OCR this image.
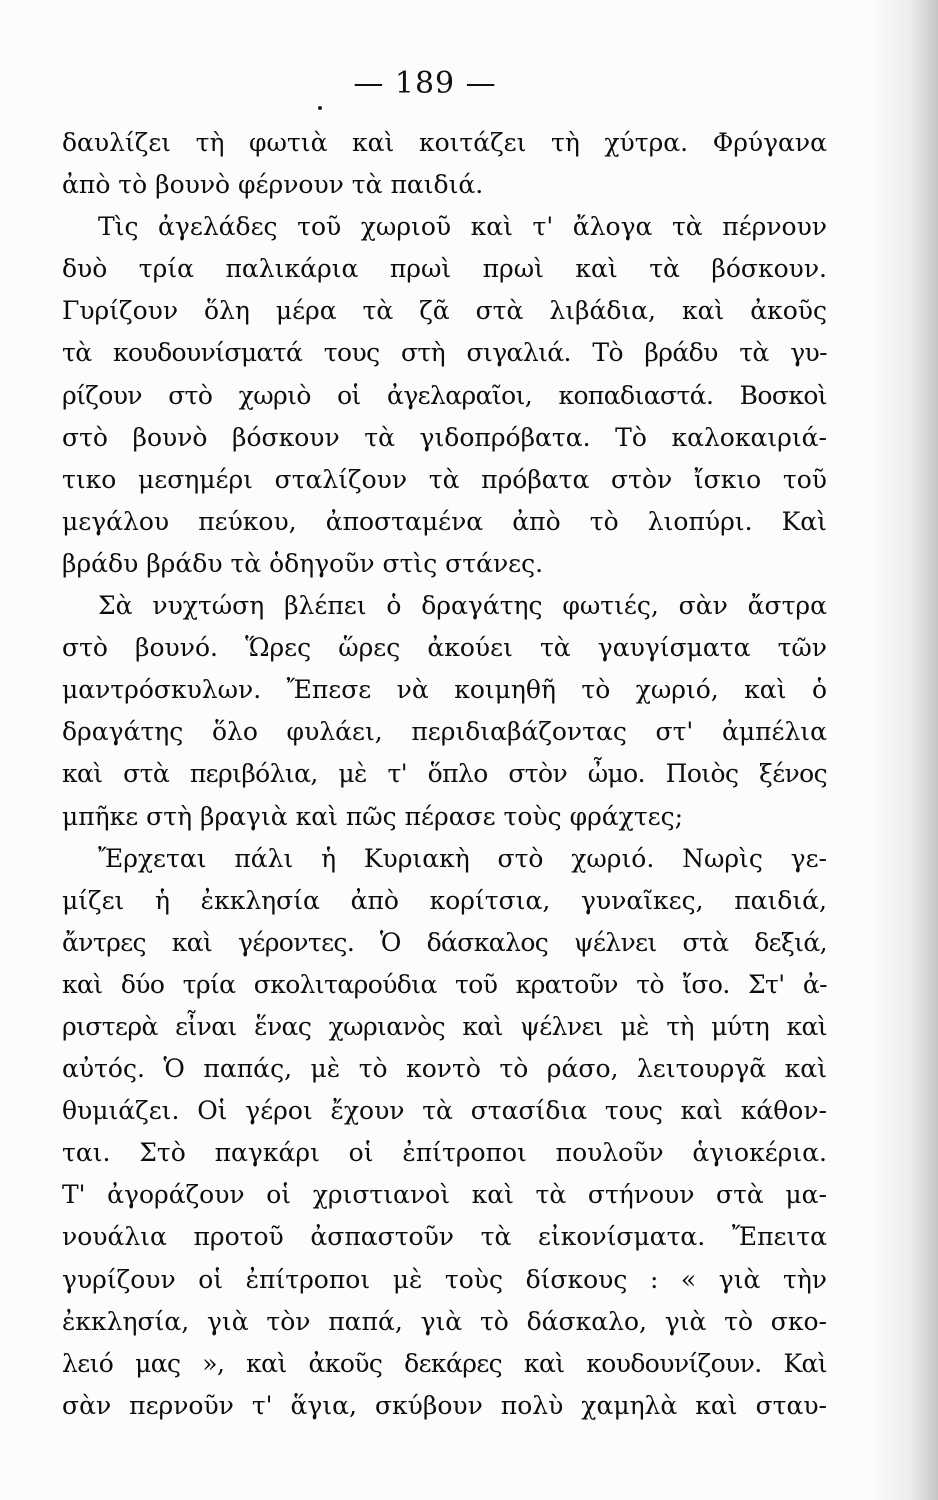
— 189 —
δαυλίζει τὴ φωτιὰ καὶ κοιτάζει τὴ χύτρα. Φρύγανα
ἀπὸ τὸ βουνὸ φέρνουν τὰ παιδιά.
Τὶς ἀγελάδες τοῦ χωριοῦ καὶ τ' ἄλογα τὰ πέρνουν
δυὸ τρία παλικάρια πρωὶ πρωὶ καὶ τὰ βόσκουν.
Γυρίζουν ὅλη μέρα τὰ ζᾶ στὰ λιβάδια, καὶ ἀκοῦς
τὰ κουδουνίσματά τους στὴ σιγαλιά. Τὸ βράδυ τὰ γυ-
ρίζουν στὸ χωριὸ οἱ ἀγελαραῖοι, κοπαδιαστά. Βοσκοὶ
στὸ βουνὸ βόσκουν τὰ γιδοπρόβατα. Τὸ καλοκαιριά-
τικο μεσημέρι σταλίζουν τὰ πρόβατα στὸν ἴσκιο τοῦ
μεγάλου πεύκου, ἀποσταμένα ἀπὸ τὸ λιοπύρι. Καὶ
βράδυ βράδυ τὰ ὁδηγοῦν στὶς στάνες.
Σὰ νυχτώση βλέπει ὁ δραγάτης φωτιές, σὰν ἄστρα
στὸ βουνό. Ὥρες ὥρες ἀκούει τὰ γαυγίσματα τῶν
μαντρόσκυλων. Ἔπεσε νὰ κοιμηθῆ τὸ χωριό, καὶ ὁ
δραγάτης ὅλο φυλάει, περιδιαβάζοντας στ' ἀμπέλια
καὶ στὰ περιβόλια, μὲ τ' ὅπλο στὸν ὦμο. Ποιὸς ξένος
μπῆκε στὴ βραγιὰ καὶ πῶς πέρασε τοὺς φράχτες;
Ἔρχεται πάλι ἡ Κυριακὴ στὸ χωριό. Νωρὶς γε-
μίζει ἡ ἐκκλησία ἀπὸ κορίτσια, γυναῖκες, παιδιά,
ἄντρες καὶ γέροντες. Ὁ δάσκαλος ψέλνει στὰ δεξιά,
καὶ δύο τρία σκολιταρούδια τοῦ κρατοῦν τὸ ἴσο. Στ' ἀ-
ριστερὰ εἶναι ἕνας χωριανὸς καὶ ψέλνει μὲ τὴ μύτη καὶ
αὐτός. Ὁ παπάς, μὲ τὸ κοντὸ τὸ ράσο, λειτουργᾶ καὶ
θυμιάζει. Οἱ γέροι ἔχουν τὰ στασίδια τους καὶ κάθον-
ται. Στὸ παγκάρι οἱ ἐπίτροποι πουλοῦν ἁγιοκέρια.
Τ' ἀγοράζουν οἱ χριστιανοὶ καὶ τὰ στήνουν στὰ μα-
νουάλια προτοῦ ἀσπαστοῦν τὰ εἰκονίσματα. Ἔπειτα
γυρίζουν οἱ ἐπίτροποι μὲ τοὺς δίσκους : « γιὰ τὴν
ἐκκλησία, γιὰ τὸν παπά, γιὰ τὸ δάσκαλο, γιὰ τὸ σκο-
λειό μας », καὶ ἀκοῦς δεκάρες καὶ κουδουνίζουν. Καὶ
σὰν περνοῦν τ' ἅγια, σκύβουν πολὺ χαμηλὰ καὶ σταυ-
